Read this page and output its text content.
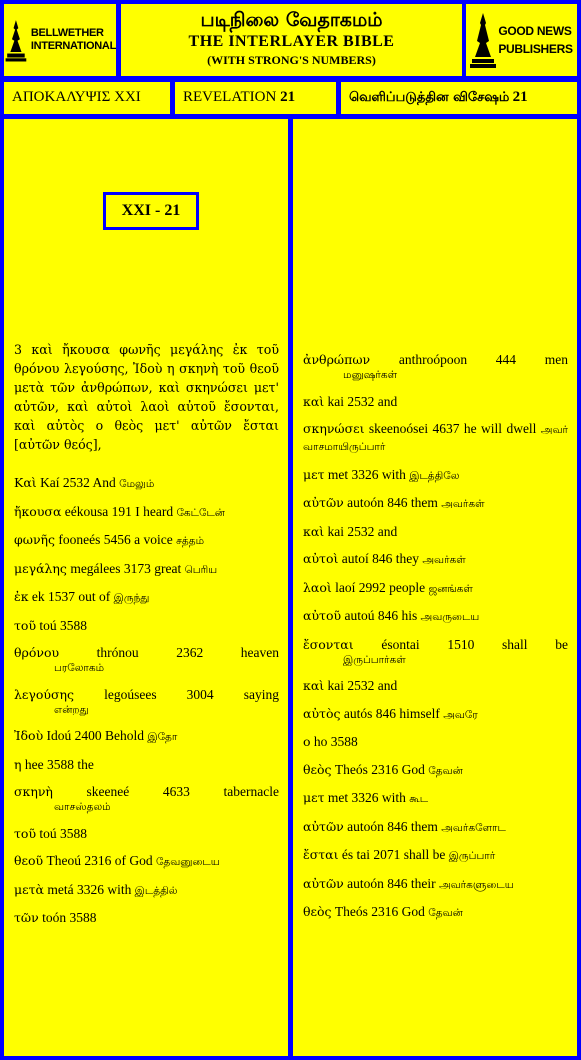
BELLWETHER
INTERNATIONAL
படிநிலை வேதாகமம்
THE INTERLAYER BIBLE
(WITH STRONG'S NUMBERS)
GOOD NEWS
PUBLISHERS
ΑΠΟΚΑΛΥΨΙΣ XXI	REVELATION 21	வெளிப்படுத்தின விசேஷம் 21
XXI - 21
3 καὶ ἤκουσα φωνῆς μεγάλης ἐκ τοῦ θρόνου λεγούσης, Ἰδοὺ η σκηνὴ τοῦ θεοῦ μετὰ τῶν ἀνθρώπων, καὶ σκηνώσει μετ' αὐτῶν, καὶ αὐτοὶ λαοὶ αὐτοῦ ἔσονται, καὶ αὐτὸς ο θεὸς μετ' αὐτῶν ἔσται [αὐτῶν θεός],
Καὶ Kaí 2532 And மேலும்
ἤκουσα eékousa 191 I heard கேட்டேன்
φωνῆς fooneés 5456 a voice சத்தம்
μεγάλης megálees 3173 great பெரிய
ἐκ ek 1537 out of இருந்து
τοῦ toú 3588
θρόνου	thrónou	2362	heaven
பரலோகம்
λεγούσης legoúsees 3004 saying
என்றது
Ἰδοὺ Idoú 2400 Behold இதோ
η hee 3588 the
σκηνὴ skeeneé 4633 tabernacle
வாசஸ்தலம்
τοῦ toú 3588
θεοῦ Theoú 2316 of God தேவனுடைய
μετὰ metá 3326 with இடத்தில்
τῶν toón 3588
ἀνθρώπων anthroópoon 444 men
மனுஷர்கள்
καὶ kai 2532 and
σκηνώσει skeenoósei 4637 he will dwell அவர் வாசமாயிருப்பார்
μετ met 3326 with இடத்திலே
αὐτῶν autoón 846 them அவர்கள்
καὶ kai 2532 and
αὐτοὶ autoí 846 they அவர்கள்
λαοὶ laoí 2992 people ஜனங்கள்
αὐτοῦ autoú 846 his அவருடைய
ἔσονται ésontai 1510 shall be
இருப்பார்கள்
καὶ kai 2532 and
αὐτὸς autós 846 himself அவரே
ο ho 3588
θεὸς Theós 2316 God தேவன்
μετ met 3326 with கூட
αὐτῶν autoón 846 them அவர்களோட
ἔσται és tai 2071 shall be இருப்பார்
αὐτῶν autoón 846 their அவர்களுடைய
θεὸς Theós 2316 God தேவன்
